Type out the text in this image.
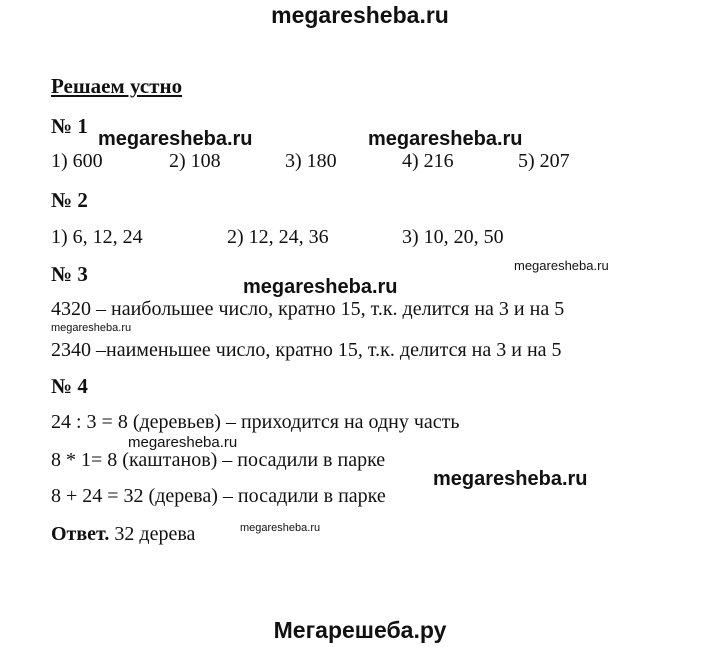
megaresheba.ru
Решаем устно
№ 1
megaresheba.ru	megaresheba.ru
1) 600	2) 108	3) 180	4) 216	5) 207
№ 2
1) 6, 12, 24	2) 12, 24, 36	3) 10, 20, 50
№ 3
megaresheba.ru
megaresheba.ru
4320 – наибольшее число, кратно 15, т.к. делится на 3 и на 5
megaresheba.ru
2340 –наименьшее число, кратно 15, т.к. делится на 3 и на 5
№ 4
24 : 3 = 8 (деревьев) – приходится на одну часть
megaresheba.ru
8 * 1= 8 (каштанов) – посадили в парке
megaresheba.ru
8 + 24 = 32 (дерева) – посадили в парке
Ответ. 32 дерева	megaresheba.ru
Мегарешеба.ру
